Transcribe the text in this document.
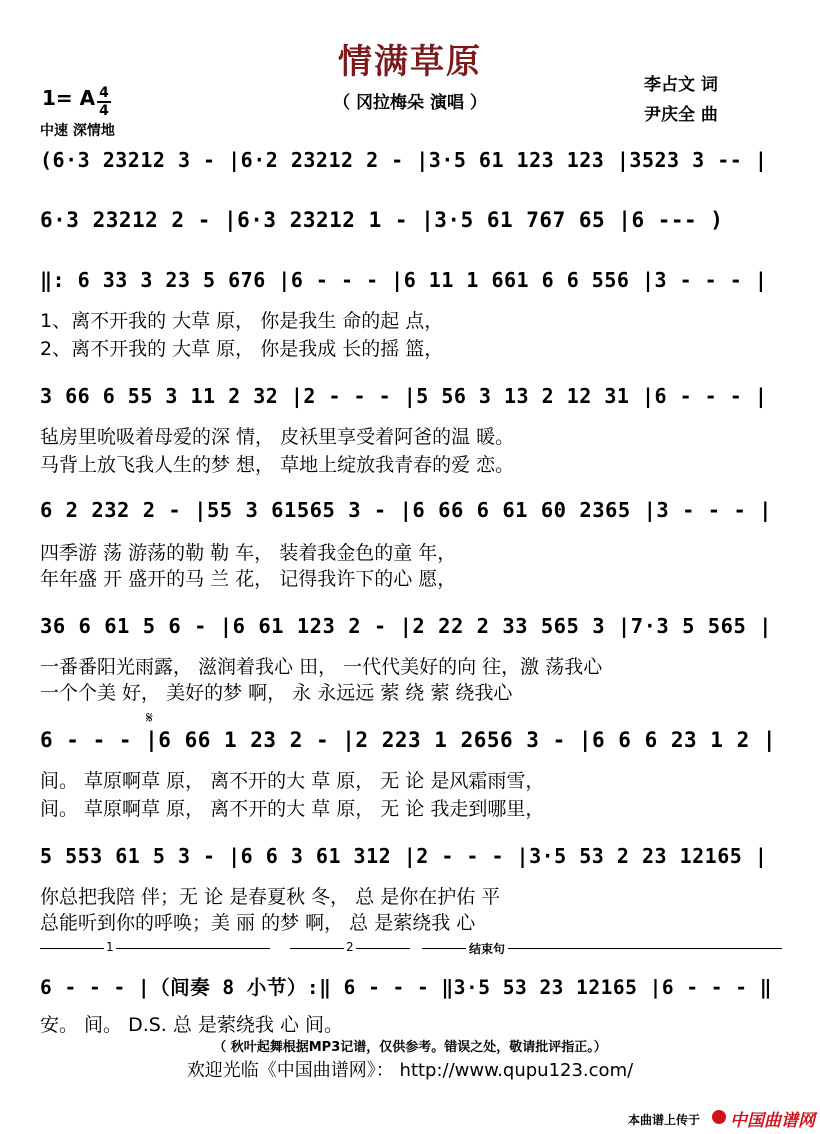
情满草原
（ 冈拉梅朵 演唱 ）
李占文 词
尹庆全 曲
1= A 4
4
中速 深情地
(6·3 23212 3 - |6·2 23212 2 - |3·5 61 123 123 |3523 3 -- |
6·3 23212 2 - |6·3 23212 1 - |3·5 61 767 65 |6 --- )
‖: 6 33 3 23 5 676 |6 - - - |6 11 1 661 6 6 556 |3 - - - |
1、离不开我的 大草 原， 你是我生 命的起 点，
2、离不开我的 大草 原， 你是我成 长的摇 篮，
3 66 6 55 3 11 2 32 |2 - - - |5 56 3 13 2 12 31 |6 - - - |
毡房里吮吸着母爱的深 情， 皮袄里享受着阿爸的温 暖。
马背上放飞我人生的梦 想， 草地上绽放我青春的爱 恋。
6 2 232 2 - |55 3 61565 3 - |6 66 6 61 60 2365 |3 - - - |
四季游 荡 游荡的勒 勒 车， 装着我金色的童 年，
年年盛 开 盛开的马 兰 花， 记得我许下的心 愿，
36 6 61 5 6 - |6 61 123 2 - |2 22 2 33 565 3 |7·3 5 565 |
一番番阳光雨露， 滋润着我心 田， 一代代美好的向 往，激 荡我心
一个个美 好， 美好的梦 啊， 永 永远远 萦 绕 萦 绕我心
𝄋
6 - - - |6 66 1 23 2 - |2 223 1 2656 3 - |6 6 6 23 1 2 |
间。 草原啊草 原， 离不开的大 草 原， 无 论 是风霜雨雪，
间。 草原啊草 原， 离不开的大 草 原， 无 论 我走到哪里，
5 553 61 5 3 - |6 6 3 61 312 |2 - - - |3·5 53 2 23 12165 |
你总把我陪 伴；无 论 是春夏秋 冬， 总 是你在护佑 平
总能听到你的呼唤；美 丽 的梦 啊， 总 是萦绕我 心
1	2	结束句
6 - - - |（间奏 8 小节）:‖ 6 - - - ‖3·5 53 23 12165 |6 - - - ‖
安。 间。 D.S. 总 是萦绕我 心 间。
（ 秋叶起舞根据MP3记谱，仅供参考。错误之处，敬请批评指正。）
欢迎光临《中国曲谱网》： http://www.qupu123.com/
本曲谱上传于 中国曲谱网
